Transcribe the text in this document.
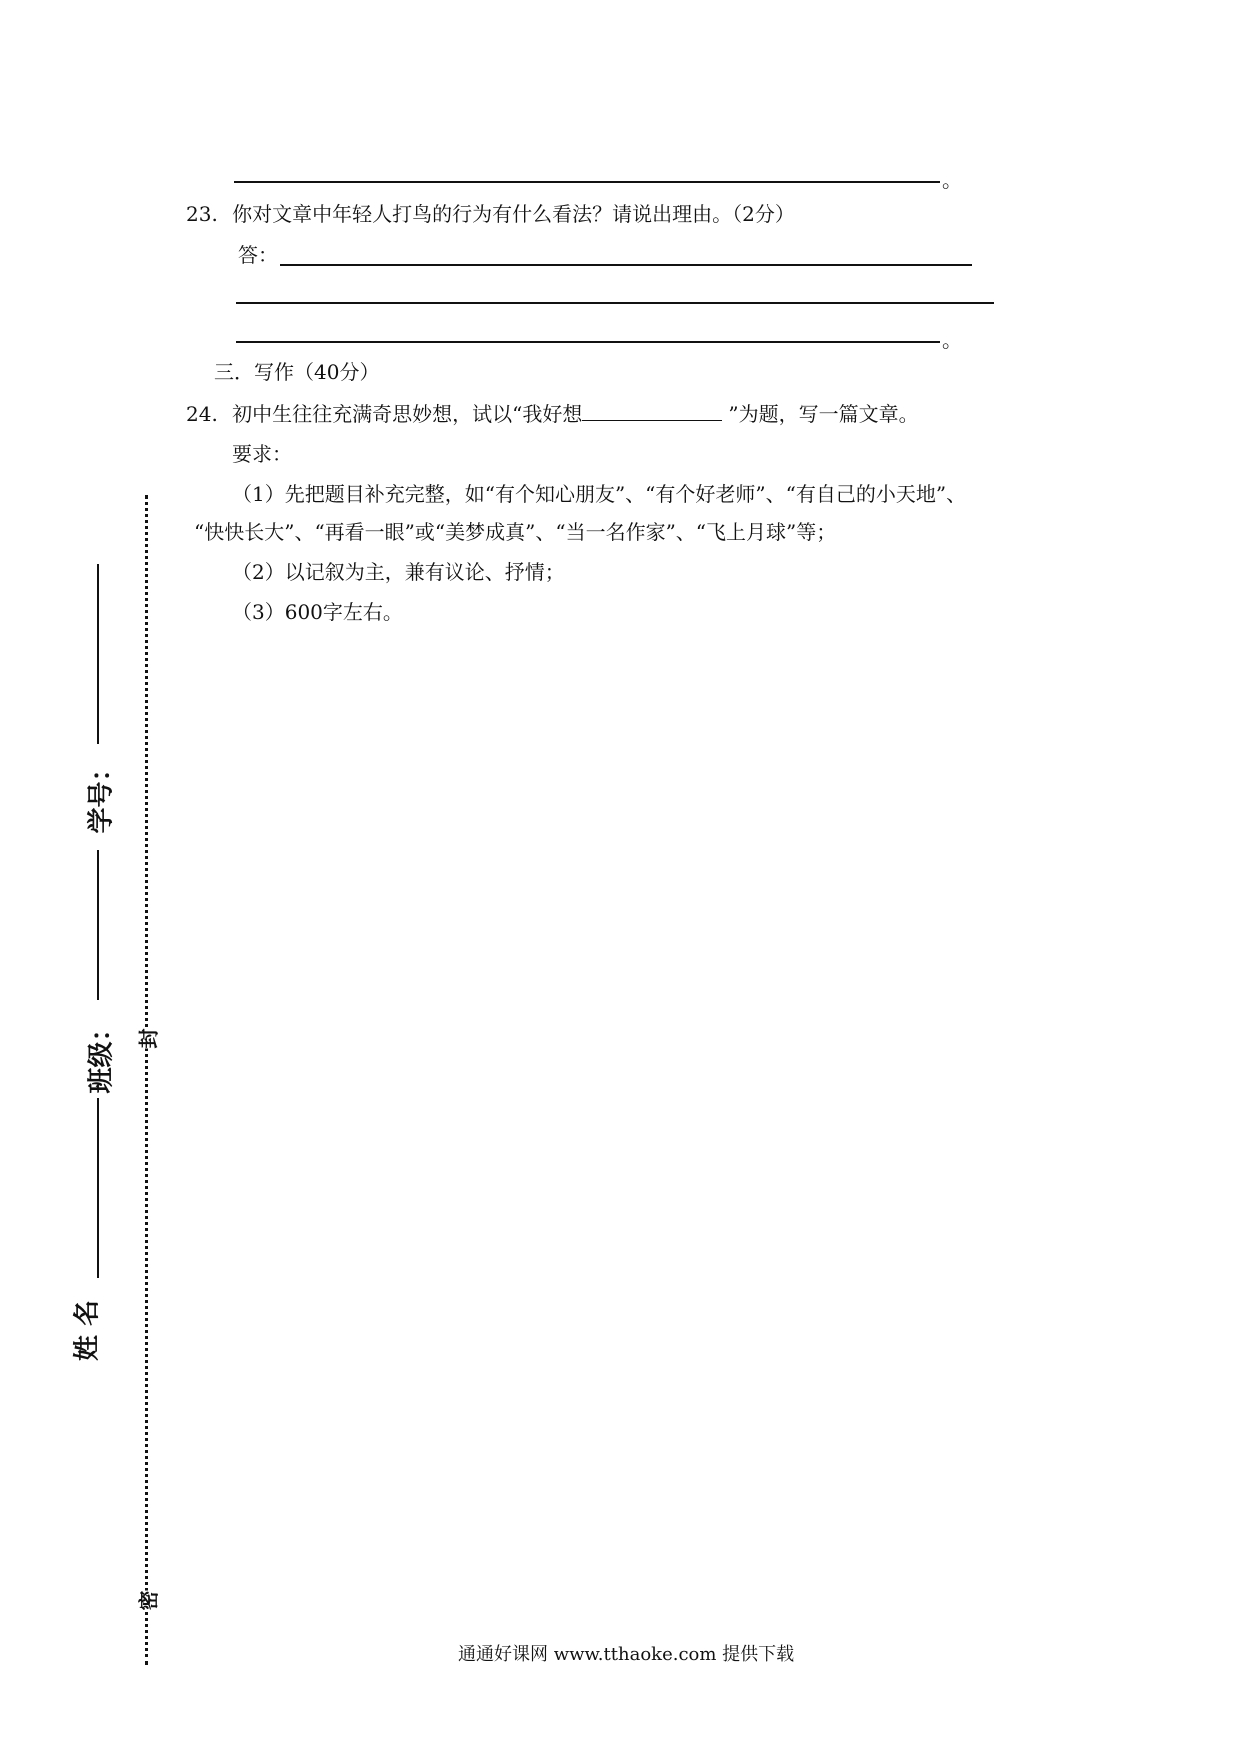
。
23. 你对文章中年轻人打鸟的行为有什么看法？请说出理由。（2分）
答：
。
三．写作（40分）
24. 初中生往往充满奇思妙想，试以“我好想	”为题，写一篇文章。
要求：
（1）先把题目补充完整，如“有个知心朋友”、“有个好老师”、“有自己的小天地”、
“快快长大”、“再看一眼”或“美梦成真”、“当一名作家”、“飞上月球”等；
（2）以记叙为主，兼有议论、抒情；
（3）600字左右。
学号：
班级：
姓 名
封
密
通通好课网 www.tthaoke.com 提供下载
